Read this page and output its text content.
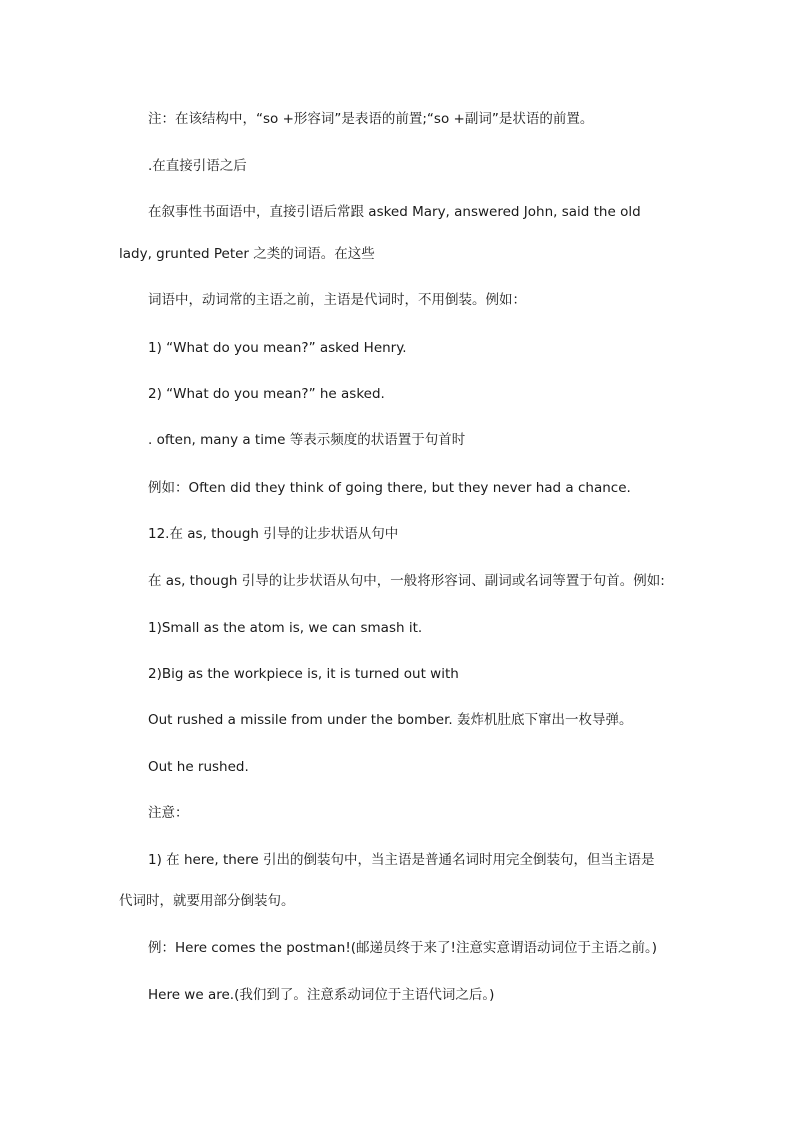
注：在该结构中，“so +形容词”是表语的前置;“so +副词”是状语的前置。
.在直接引语之后
在叙事性书面语中，直接引语后常跟 asked Mary, answered John, said the old
lady, grunted Peter 之类的词语。在这些
词语中，动词常的主语之前，主语是代词时，不用倒装。例如：
1) “What do you mean?” asked Henry.
2) “What do you mean?” he asked.
. often, many a time 等表示频度的状语置于句首时
例如：Often did they think of going there, but they never had a chance.
12.在 as, though 引导的让步状语从句中
在 as, though 引导的让步状语从句中，一般将形容词、副词或名词等置于句首。例如:
1)Small as the atom is, we can smash it.
2)Big as the workpiece is, it is turned out with
Out rushed a missile from under the bomber. 轰炸机肚底下窜出一枚导弹。
Out he rushed.
注意：
1) 在 here, there 引出的倒装句中，当主语是普通名词时用完全倒装句，但当主语是
代词时，就要用部分倒装句。
例：Here comes the postman!(邮递员终于来了!注意实意谓语动词位于主语之前。)
Here we are.(我们到了。注意系动词位于主语代词之后。)
